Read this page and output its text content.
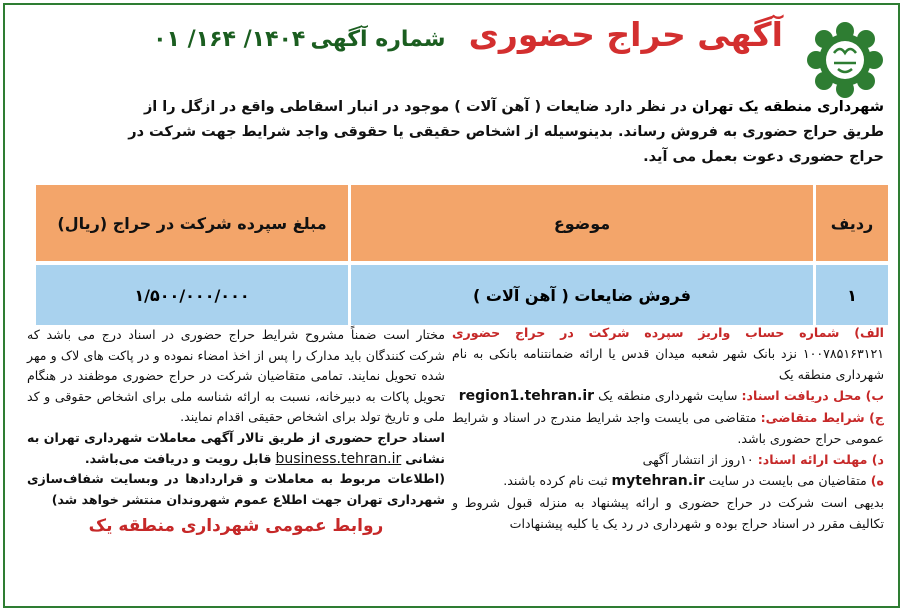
آگهی حراج حضوری شماره آگهی ۱۴۰۴/ ۱۶۴/ ۰۱
شهرداری منطقه یک تهران در نظر دارد ضایعات ( آهن آلات ) موجود در انبار اسقاطی واقع در ازگل را از طریق حراج حضوری به فروش رساند. بدینوسیله از اشخاص حقیقی یا حقوقی واجد شرایط جهت شرکت در حراج حضوری دعوت بعمل می آید.
ردیف	موضوع	مبلغ سپرده شرکت در حراج (ریال)
۱	فروش ضایعات ( آهن آلات )	۱/۵۰۰/۰۰۰/۰۰۰
الف) شماره حساب واریز سپرده شرکت در حراج حضوری ۱۰۰۷۸۵۱۶۳۱۲۱ نزد بانک شهر شعبه میدان قدس یا ارائه ضمانتنامه بانکی به نام شهرداری منطقه یک
ب) محل دریافت اسناد: سایت شهرداری منطقه یک region1.tehran.ir
ج) شرایط متقاضی: متقاضی می بایست واجد شرایط مندرج در اسناد و شرایط عمومی حراج حضوری باشد.
د) مهلت ارائه اسناد: ۱۰روز از انتشار آگهی
ه) متقاضیان می بایست در سایت mytehran.ir ثبت نام کرده باشند.
بدیهی است شرکت در حراج حضوری و ارائه پیشنهاد به منزله قبول شروط و تکالیف مقرر در اسناد حراج بوده و شهرداری در رد یک یا کلیه پیشنهادات
مختار است ضمناً مشروح شرایط حراج حضوری در اسناد درج می باشد که شرکت کنندگان باید مدارک را پس از اخذ امضاء نموده و در پاکت های لاک و مهر شده تحویل نمایند. تمامی متقاضیان شرکت در حراج حضوری موظفند در هنگام تحویل پاکات به دبیرخانه، نسبت به ارائه شناسه ملی برای اشخاص حقوقی و کد ملی و تاریخ تولد برای اشخاص حقیقی اقدام نمایند.
اسناد حراج حضوری از طریق تالار آگهی معاملات شهرداری تهران به نشانی business.tehran.ir قابل رویت و دریافت می‌باشد.
(اطلاعات مربوط به معاملات و قراردادها در وبسایت شفاف‌سازی شهرداری تهران جهت اطلاع عموم شهروندان منتشر خواهد شد)
روابط عمومی شهرداری منطقه یک
